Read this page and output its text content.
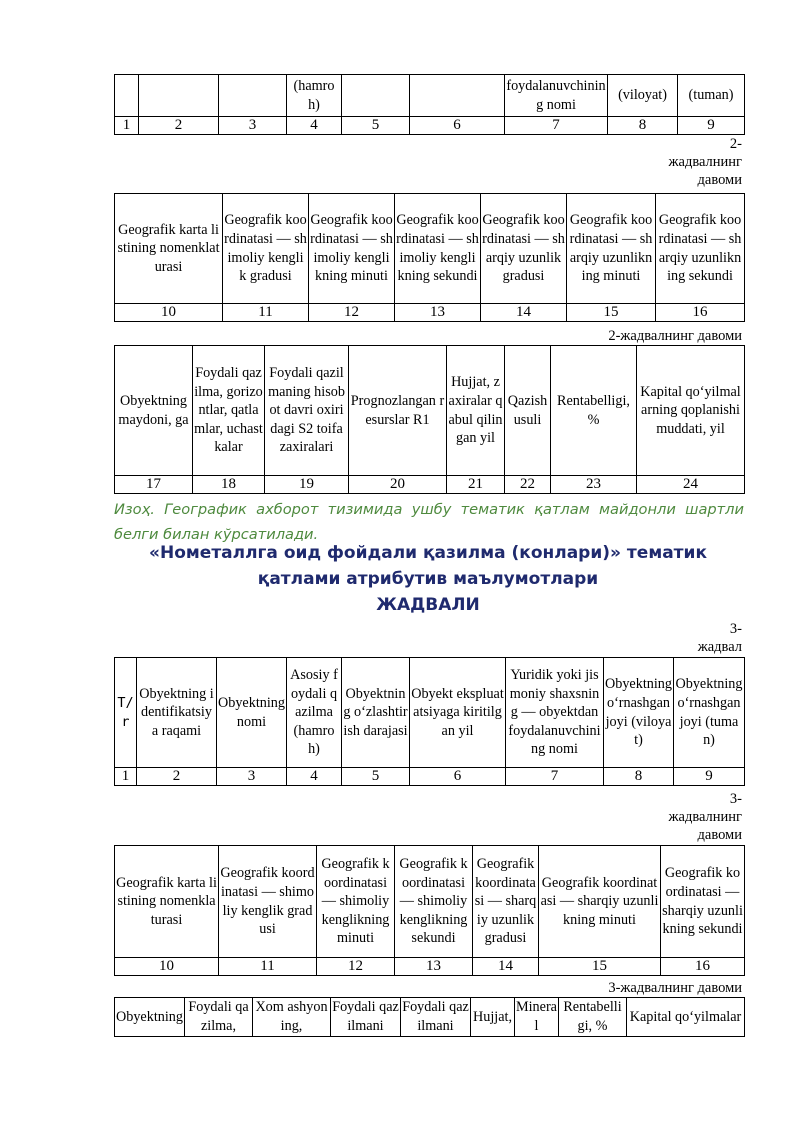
			(hamroh)			foydalanuvchining nomi	(viloyat)	(tuman)
1	2	3	4	5	6	7	8	9
2-жадвалнинг давоми
Geografik karta listining nomenklaturasi	Geografik koordinatasi — shimoliy kenglik gradusi	Geografik koordinatasi — shimoliy kenglikning minuti	Geografik koordinatasi — shimoliy kenglikning sekundi	Geografik koordinatasi — sharqiy uzunlik gradusi	Geografik koordinatasi — sharqiy uzunlikning minuti	Geografik koordinatasi — sharqiy uzunlikning sekundi
10	11	12	13	14	15	16
2-жадвалнинг давоми
Obyektning maydoni, ga	Foydali qazilma, gorizontlar, qatlamlar, uchastkalar	Foydali qazilmaning hisobot davri oxiridagi S2 toifa zaxiralari	Prognozlangan resurslar R1	Hujjat, zaxiralar qabul qilingan yil	Qazish usuli	Rentabelligi, %	Kapital qo‘yilmalarning qoplanishi muddati, yil
17	18	19	20	21	22	23	24
Изоҳ. Географик ахборот тизимида ушбу тематик қатлам майдонли шартли белги билан кўрсатилади.
«Нометаллга оид фойдали қазилма (конлари)» тематик
қатлами атрибутив маълумотлари
ЖАДВАЛИ
3-жадвал
T/r	Obyektning identifikatsiya raqami	Obyektning nomi	Asosiy foydali qazilma (hamroh)	Obyektning o‘zlashtirish darajasi	Obyekt ekspluatatsiyaga kiritilgan yil	Yuridik yoki jismoniy shaxsning — obyektdan foydalanuvchining nomi	Obyektning o‘rnashgan joyi (viloyat)	Obyektning o‘rnashgan joyi (tuman)
1	2	3	4	5	6	7	8	9
3-жадвалнинг давоми
Geografik karta listining nomenklaturasi	Geografik koordinatasi — shimoliy kenglik gradusi	Geografik koordinatasi — shimoliy kenglikning minuti	Geografik koordinatasi — shimoliy kenglikning sekundi	Geografik koordinatasi — sharqiy uzunlik gradusi	Geografik koordinatasi — sharqiy uzunlikning minuti	Geografik koordinatasi — sharqiy uzunlikning sekundi
10	11	12	13	14	15	16
3-жадвалнинг давоми
Obyektning	Foydali qazilma,	Xom ashyoning,	Foydali qazilmani	Foydali qazilmani	Hujjat,	Mineral	Rentabelligi, %	Kapital qo‘yilmalar
